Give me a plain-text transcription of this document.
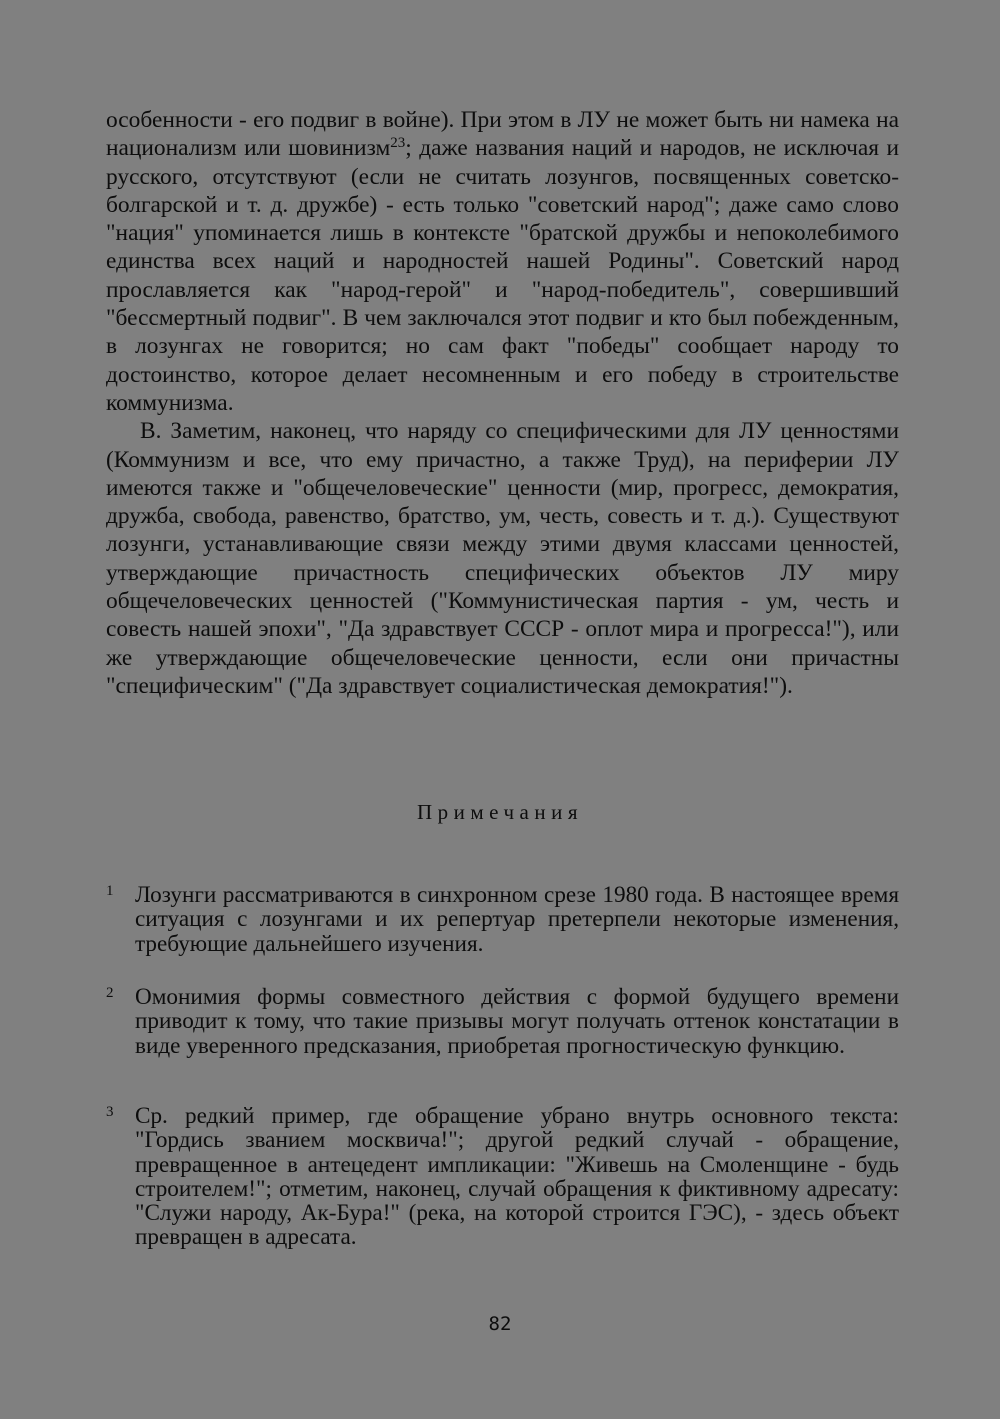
особенности - его подвиг в войне). При этом в ЛУ не может быть ни намека на национализм или шовинизм$^{23}$; даже названия наций и народов, не исключая и русского, отсутствуют (если не считать лозунгов, посвященных советско-болгарской и т. д. дружбе) - есть только "советский народ"; даже само слово "нация" упоминается лишь в контексте "братской дружбы и непоколебимого единства всех наций и народностей нашей Родины". Советский народ прославляется как "народ-герой" и "народ-победитель", совершивший "бессмертный подвиг". В чем заключался этот подвиг и кто был побежденным, в лозунгах не говорится; но сам факт "победы" сообщает народу то достоинство, которое делает несомненным и его победу в строительстве коммунизма.

В. Заметим, наконец, что наряду со специфическими для ЛУ ценностями (Коммунизм и все, что ему причастно, а также Труд), на периферии ЛУ имеются также и "общечеловеческие" ценности (мир, прогресс, демократия, дружба, свобода, равенство, братство, ум, честь, совесть и т. д.). Существуют лозунги, устанавливающие связи между этими двумя классами ценностей, утверждающие причастность специфических объектов ЛУ миру общечеловеческих ценностей ("Коммунистическая партия - ум, честь и совесть нашей эпохи", "Да здравствует СССР - оплот мира и прогресса!"), или же утверждающие общечеловеческие ценности, если они причастны "специфическим" ("Да здравствует социалистическая демократия!").

Примечания
1 Лозунги рассматриваются в синхронном срезе 1980 года. В настоящее время ситуация с лозунгами и их репертуар претерпели некоторые изменения, требующие дальнейшего изучения.
2 Омонимия формы совместного действия с формой будущего времени приводит к тому, что такие призывы могут получать оттенок констатации в виде уверенного предсказания, приобретая прогностическую функцию.
3 Ср. редкий пример, где обращение убрано внутрь основного текста: "Гордись званием москвича!"; другой редкий случай - обращение, превращенное в антецедент импликации: "Живешь на Смоленщине - будь строителем!"; отметим, наконец, случай обращения к фиктивному адресату: "Служи народу, Ак-Бура!" (река, на которой строится ГЭС), - здесь объект превращен в адресата.
82
